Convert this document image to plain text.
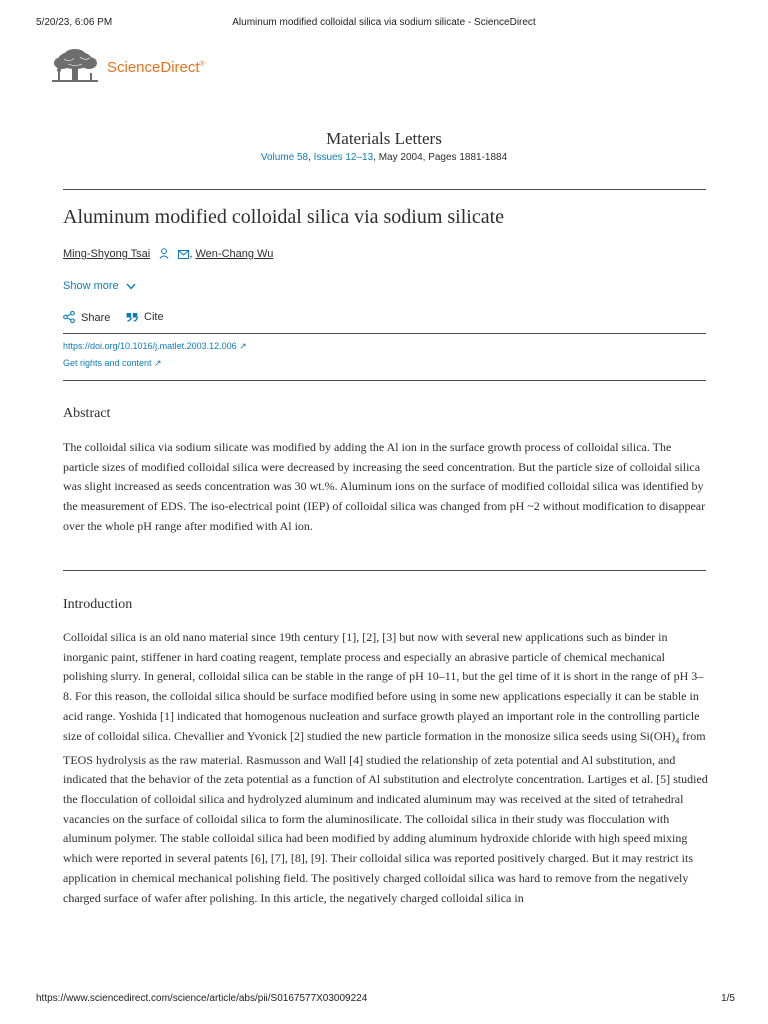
5/20/23, 6:06 PM	Aluminum modified colloidal silica via sodium silicate - ScienceDirect
ScienceDirect®
Materials Letters
Volume 58, Issues 12–13, May 2004, Pages 1881-1884
Aluminum modified colloidal silica via sodium silicate
Ming-Shyong Tsai	, Wen-Chang Wu
Show more
Share	Cite
https://doi.org/10.1016/j.matlet.2003.12.006 ↗
Get rights and content ↗
Abstract

The colloidal silica via sodium silicate was modified by adding the Al ion in the surface growth process of colloidal silica. The particle sizes of modified colloidal silica were decreased by increasing the seed concentration. But the particle size of colloidal silica was slight increased as seeds concentration was 30 wt.%. Aluminum ions on the surface of modified colloidal silica was identified by the measurement of EDS. The iso-electrical point (IEP) of colloidal silica was changed from pH ~2 without modification to disappear over the whole pH range after modified with Al ion.

Introduction

Colloidal silica is an old nano material since 19th century [1], [2], [3] but now with several new applications such as binder in inorganic paint, stiffener in hard coating reagent, template process and especially an abrasive particle of chemical mechanical polishing slurry. In general, colloidal silica can be stable in the range of pH 10–11, but the gel time of it is short in the range of pH 3–8. For this reason, the colloidal silica should be surface modified before using in some new applications especially it can be stable in acid range. Yoshida [1] indicated that homogenous nucleation and surface growth played an important role in the controlling particle size of colloidal silica. Chevallier and Yvonick [2] studied the new particle formation in the monosize silica seeds using $Si(OH)_4$ from TEOS hydrolysis as the raw material. Rasmusson and Wall [4] studied the relationship of zeta potential and Al substitution, and indicated that the behavior of the zeta potential as a function of Al substitution and electrolyte concentration. Lartiges et al. [5] studied the flocculation of colloidal silica and hydrolyzed aluminum and indicated aluminum may was received at the sited of tetrahedral vacancies on the surface of colloidal silica to form the aluminosilicate. The colloidal silica in their study was flocculation with aluminum polymer. The stable colloidal silica had been modified by adding aluminum hydroxide chloride with high speed mixing which were reported in several patents [6], [7], [8], [9]. Their colloidal silica was reported positively charged. But it may restrict its application in chemical mechanical polishing field. The positively charged colloidal silica was hard to remove from the negatively charged surface of wafer after polishing. In this article, the negatively charged colloidal silica in

https://www.sciencedirect.com/science/article/abs/pii/S0167577X03009224	1/5
